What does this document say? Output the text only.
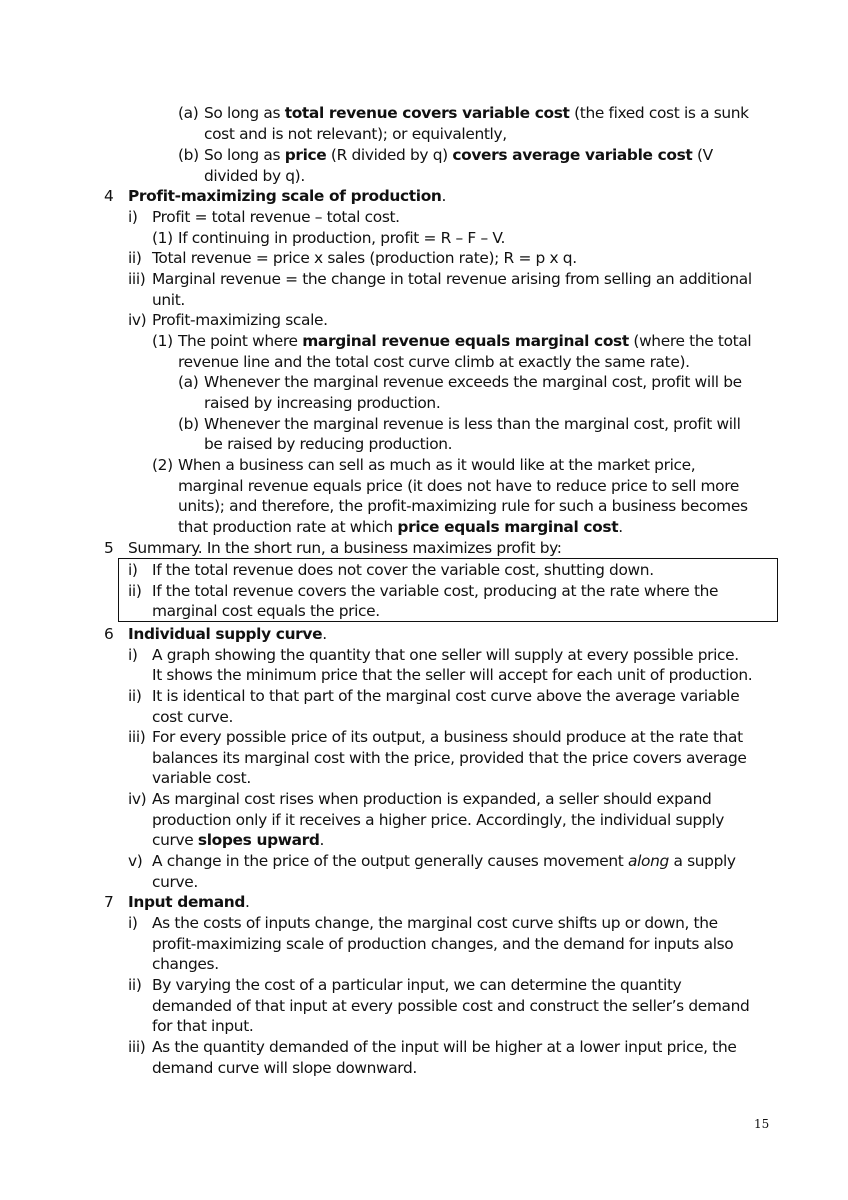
(a) So long as total revenue covers variable cost (the fixed cost is a sunk
cost and is not relevant); or equivalently,
(b) So long as price (R divided by q) covers average variable cost (V
divided by q).
4 Profit-maximizing scale of production.
i) Profit = total revenue – total cost.
(1) If continuing in production, profit = R – F – V.
ii) Total revenue = price x sales (production rate); R = p x q.
iii) Marginal revenue = the change in total revenue arising from selling an additional
unit.
iv) Profit-maximizing scale.
(1) The point where marginal revenue equals marginal cost (where the total
revenue line and the total cost curve climb at exactly the same rate).
(a) Whenever the marginal revenue exceeds the marginal cost, profit will be
raised by increasing production.
(b) Whenever the marginal revenue is less than the marginal cost, profit will
be raised by reducing production.
(2) When a business can sell as much as it would like at the market price,
marginal revenue equals price (it does not have to reduce price to sell more
units); and therefore, the profit-maximizing rule for such a business becomes
that production rate at which price equals marginal cost.
5 Summary. In the short run, a business maximizes profit by:
i) If the total revenue does not cover the variable cost, shutting down.
ii) If the total revenue covers the variable cost, producing at the rate where the
marginal cost equals the price.
6 Individual supply curve.
i) A graph showing the quantity that one seller will supply at every possible price.
It shows the minimum price that the seller will accept for each unit of production.
ii) It is identical to that part of the marginal cost curve above the average variable
cost curve.
iii) For every possible price of its output, a business should produce at the rate that
balances its marginal cost with the price, provided that the price covers average
variable cost.
iv) As marginal cost rises when production is expanded, a seller should expand
production only if it receives a higher price. Accordingly, the individual supply
curve slopes upward.
v) A change in the price of the output generally causes movement along a supply
curve.
7 Input demand.
i) As the costs of inputs change, the marginal cost curve shifts up or down, the
profit-maximizing scale of production changes, and the demand for inputs also
changes.
ii) By varying the cost of a particular input, we can determine the quantity
demanded of that input at every possible cost and construct the seller’s demand
for that input.
iii) As the quantity demanded of the input will be higher at a lower input price, the
demand curve will slope downward.
15
